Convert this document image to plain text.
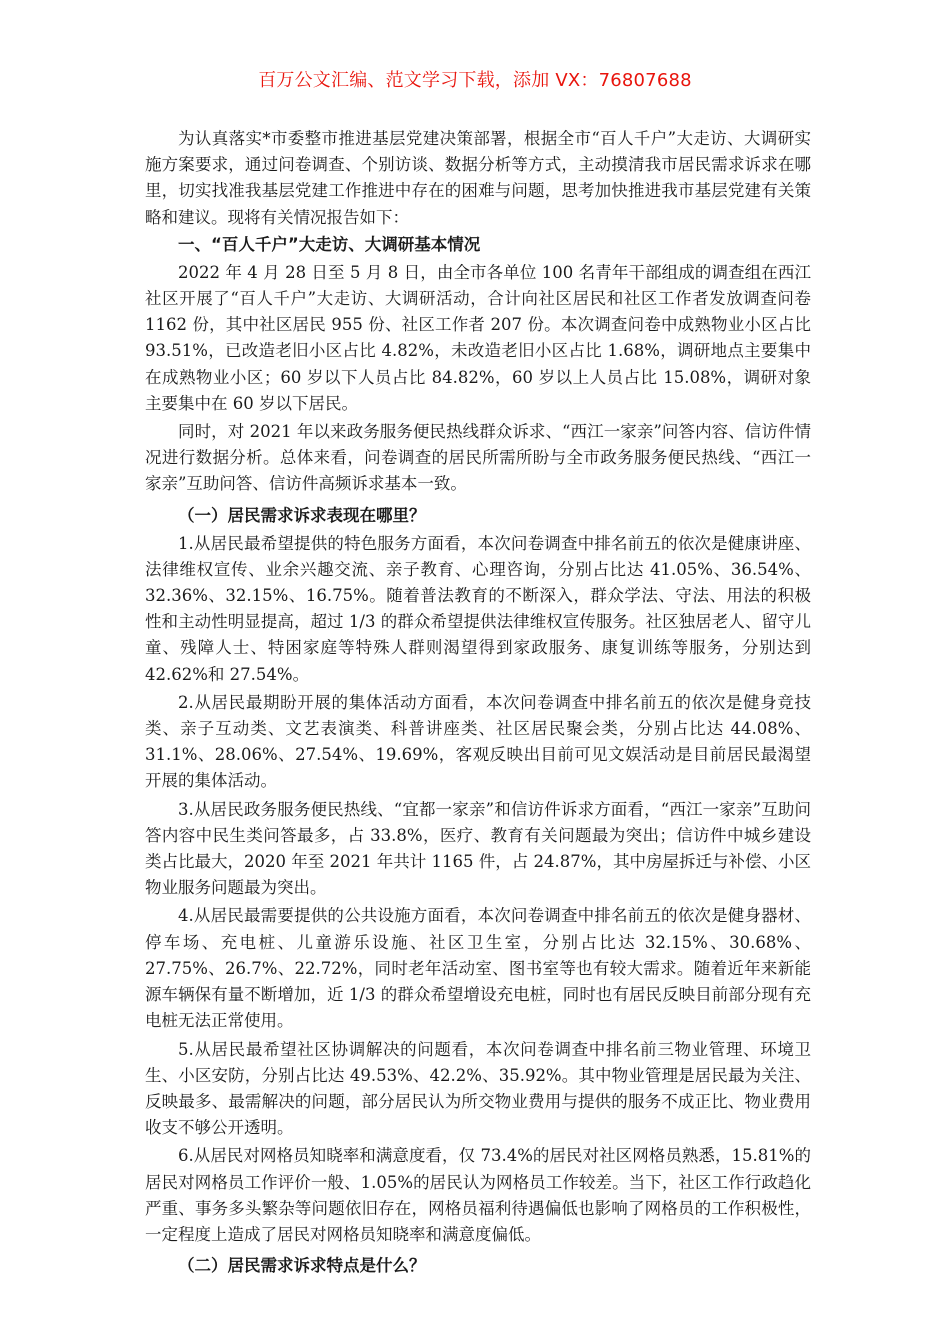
百万公文汇编、范文学习下载，添加 VX：76807688

为认真落实*市委整市推进基层党建决策部署，根据全市“百人千户”大走访、大调研实施方案要求，通过问卷调查、个别访谈、数据分析等方式，主动摸清我市居民需求诉求在哪里，切实找准我基层党建工作推进中存在的困难与问题，思考加快推进我市基层党建有关策略和建议。现将有关情况报告如下：

一、“百人千户”大走访、大调研基本情况

2022 年 4 月 28 日至 5 月 8 日，由全市各单位 100 名青年干部组成的调查组在西江社区开展了“百人千户”大走访、大调研活动，合计向社区居民和社区工作者发放调查问卷 1162 份，其中社区居民 955 份、社区工作者 207 份。本次调查问卷中成熟物业小区占比 93.51%，已改造老旧小区占比 4.82%，未改造老旧小区占比 1.68%，调研地点主要集中在成熟物业小区；60 岁以下人员占比 84.82%，60 岁以上人员占比 15.08%，调研对象主要集中在 60 岁以下居民。

同时，对 2021 年以来政务服务便民热线群众诉求、“西江一家亲”问答内容、信访件情况进行数据分析。总体来看，问卷调查的居民所需所盼与全市政务服务便民热线、“西江一家亲”互助问答、信访件高频诉求基本一致。

（一）居民需求诉求表现在哪里？

1.从居民最希望提供的特色服务方面看，本次问卷调查中排名前五的依次是健康讲座、法律维权宣传、业余兴趣交流、亲子教育、心理咨询，分别占比达 41.05%、36.54%、32.36%、32.15%、16.75%。随着普法教育的不断深入，群众学法、守法、用法的积极性和主动性明显提高，超过 1/3 的群众希望提供法律维权宣传服务。社区独居老人、留守儿童、残障人士、特困家庭等特殊人群则渴望得到家政服务、康复训练等服务，分别达到 42.62%和 27.54%。

2.从居民最期盼开展的集体活动方面看，本次问卷调查中排名前五的依次是健身竞技类、亲子互动类、文艺表演类、科普讲座类、社区居民聚会类，分别占比达 44.08%、31.1%、28.06%、27.54%、19.69%，客观反映出目前可见文娱活动是目前居民最渴望开展的集体活动。

3.从居民政务服务便民热线、“宜都一家亲”和信访件诉求方面看，“西江一家亲”互助问答内容中民生类问答最多，占 33.8%，医疗、教育有关问题最为突出；信访件中城乡建设类占比最大，2020 年至 2021 年共计 1165 件，占 24.87%，其中房屋拆迁与补偿、小区物业服务问题最为突出。

4.从居民最需要提供的公共设施方面看，本次问卷调查中排名前五的依次是健身器材、停车场、充电桩、儿童游乐设施、社区卫生室，分别占比达 32.15%、30.68%、27.75%、26.7%、22.72%，同时老年活动室、图书室等也有较大需求。随着近年来新能源车辆保有量不断增加，近 1/3 的群众希望增设充电桩，同时也有居民反映目前部分现有充电桩无法正常使用。

5.从居民最希望社区协调解决的问题看，本次问卷调查中排名前三物业管理、环境卫生、小区安防，分别占比达 49.53%、42.2%、35.92%。其中物业管理是居民最为关注、反映最多、最需解决的问题，部分居民认为所交物业费用与提供的服务不成正比、物业费用收支不够公开透明。

6.从居民对网格员知晓率和满意度看，仅 73.4%的居民对社区网格员熟悉，15.81%的居民对网格员工作评价一般、1.05%的居民认为网格员工作较差。当下，社区工作行政趋化严重、事务多头繁杂等问题依旧存在，网格员福利待遇偏低也影响了网格员的工作积极性，一定程度上造成了居民对网格员知晓率和满意度偏低。

（二）居民需求诉求特点是什么？
